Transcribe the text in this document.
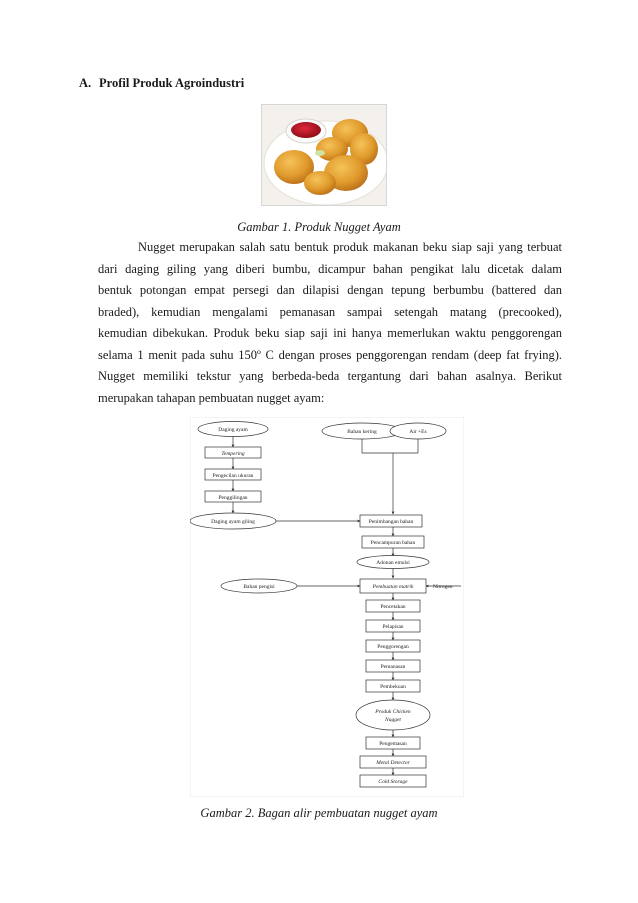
A. Profil Produk Agroindustri
Gambar 1. Produk Nugget Ayam
Nugget merupakan salah satu bentuk produk makanan beku siap saji yang terbuat
dari daging giling yang diberi bumbu, dicampur bahan pengikat lalu dicetak dalam
bentuk potongan empat persegi dan dilapisi dengan tepung berbumbu (battered dan
braded), kemudian mengalami pemanasan sampai setengah matang (precooked),
kemudian dibekukan. Produk beku siap saji ini hanya memerlukan waktu penggorengan
selama 1 menit pada suhu 150º C dengan proses penggorengan rendam (deep fat frying).
Nugget memiliki tekstur yang berbeda-beda tergantung dari bahan asalnya. Berikut
merupakan tahapan pembuatan nugget ayam:
Daging ayam
Tempering
Pengecilan ukuran
Penggilingan
Daging ayam giling
Bahan kering	Air +Es
Penimbangan bahan
Pencampuran bahan
Adonan emulsi
Bahan pengisi	Pembuatan matrik
Pencetakan
Pelapisan
Penggorengan
Pemanasan
Pembekuan
Produk Chicken
Nugget
Pengemasan
Metal Detector
Cold Storage
Nitrogen
Gambar 2. Bagan alir pembuatan nugget ayam
